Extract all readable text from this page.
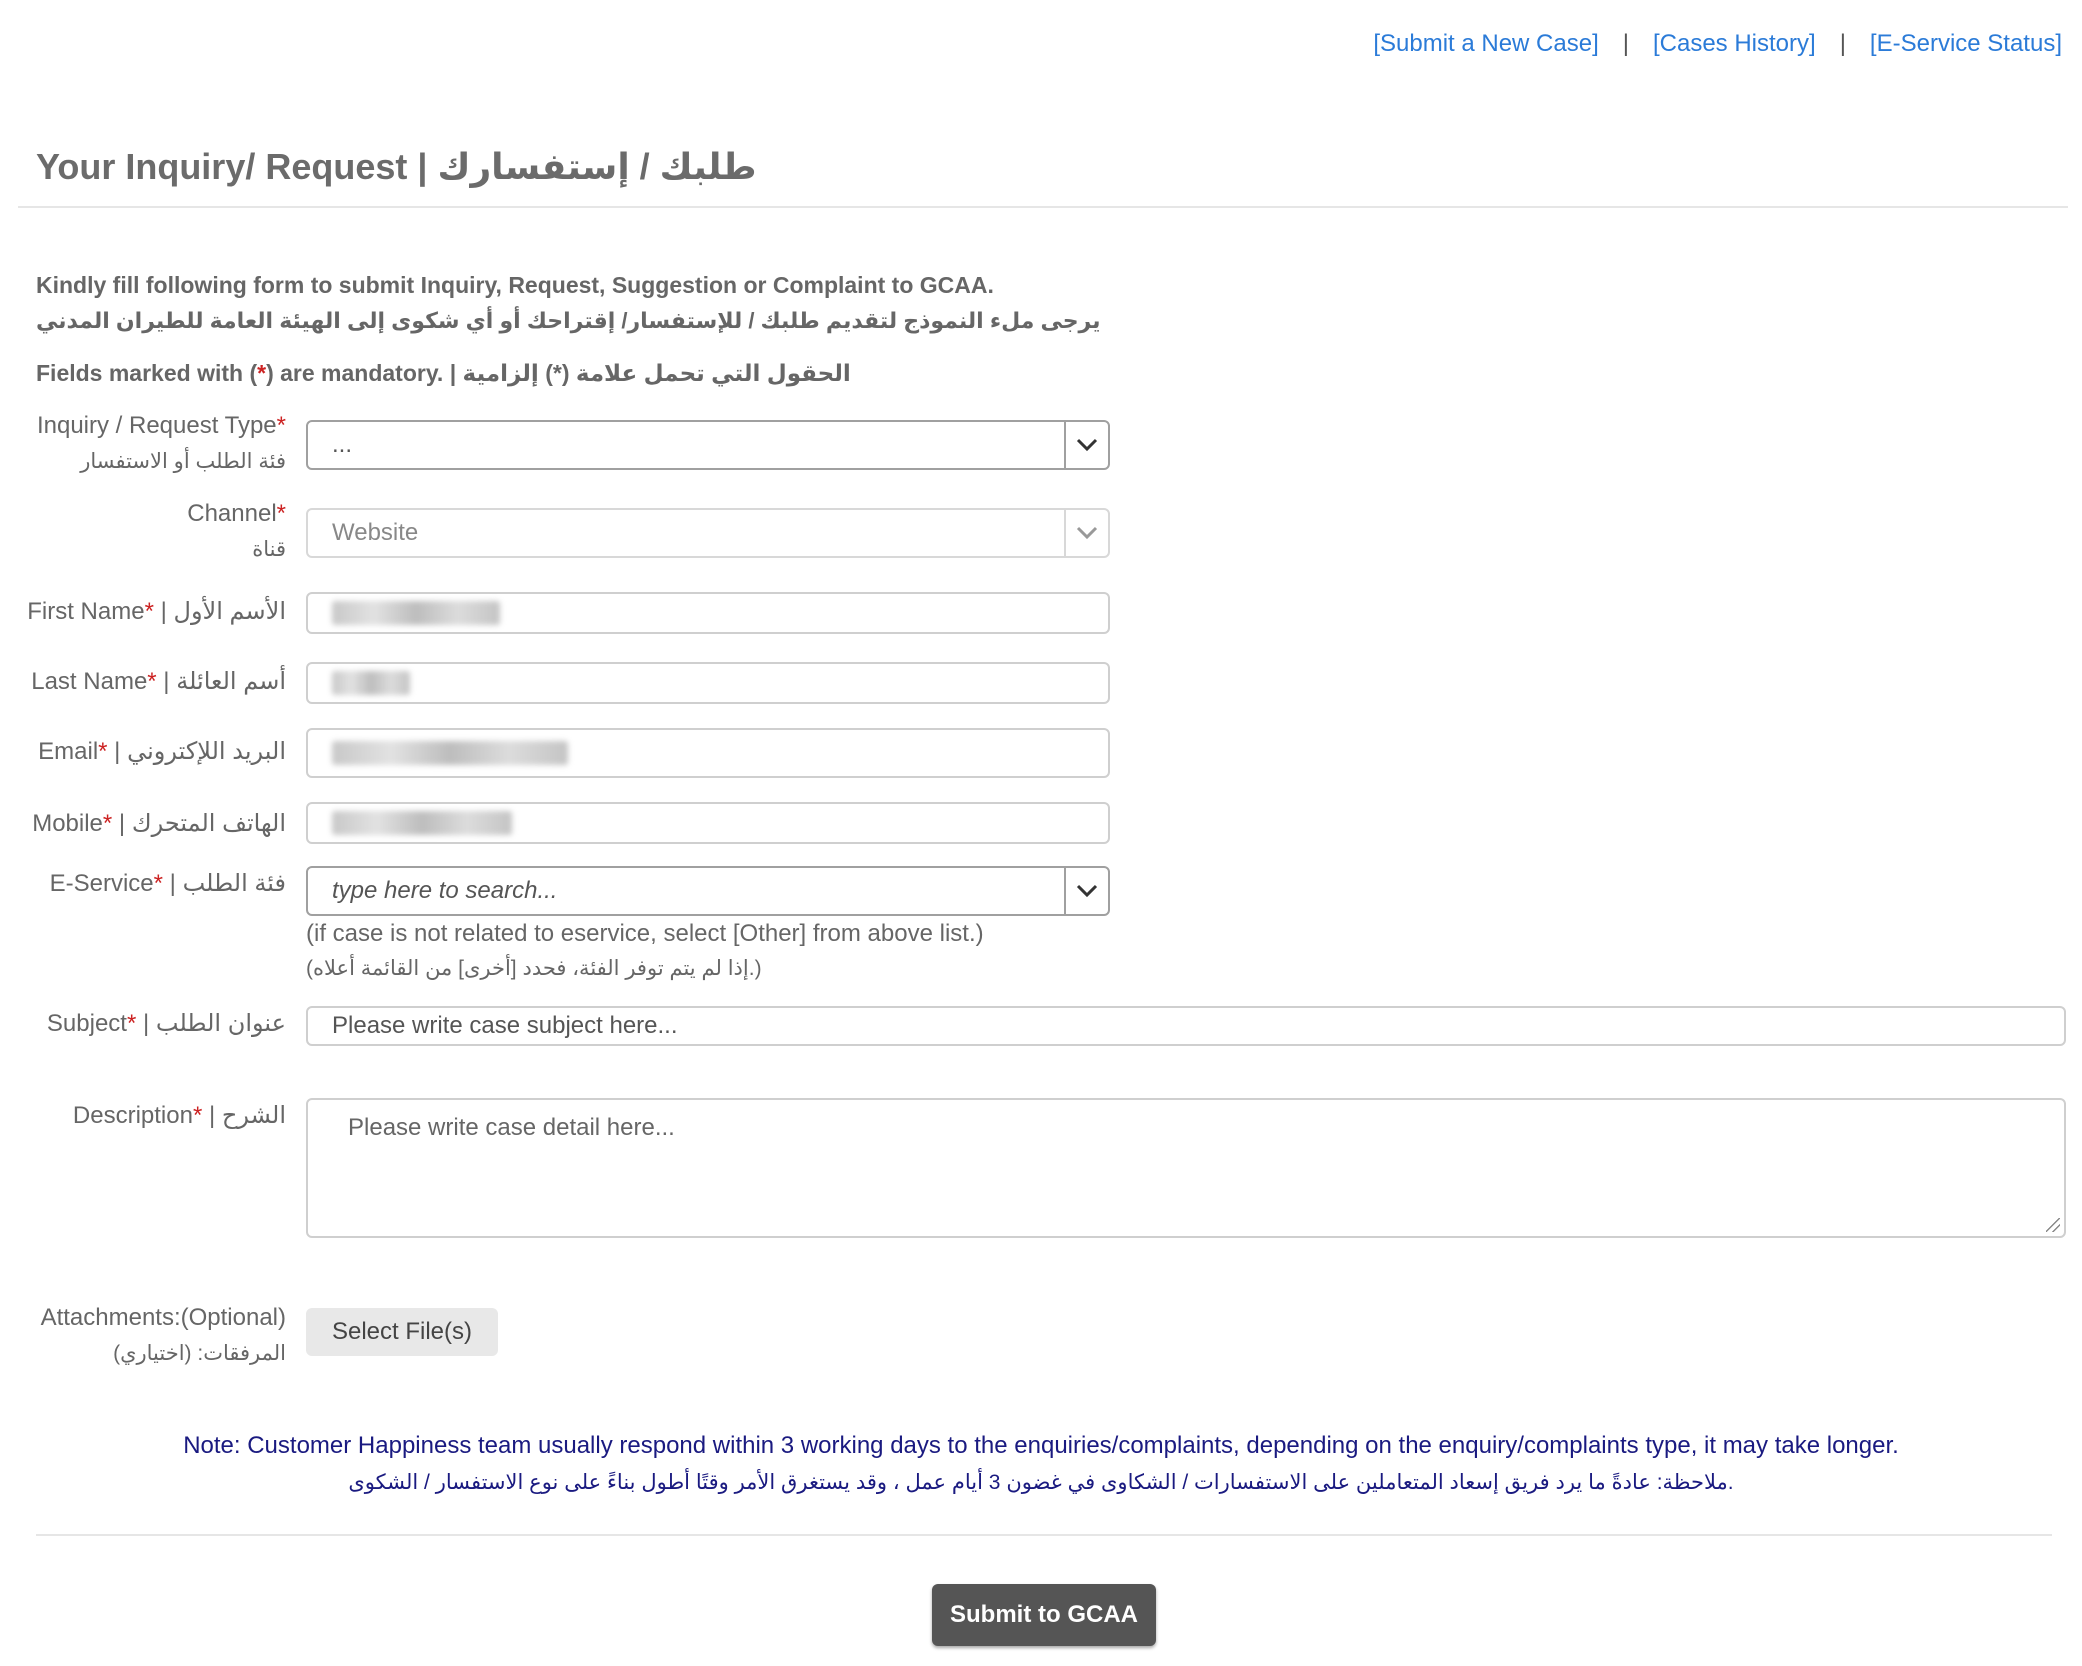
[Submit a New Case] | [Cases History] | [E-Service Status]
Your Inquiry/ Request | طلبك / إستفسارك
Kindly fill following form to submit Inquiry, Request, Suggestion or Complaint to GCAA.
يرجى ملء النموذج لتقديم طلبك / للإستفسار/ إقتراحك أو أي شكوى إلى الهيئة العامة للطيران المدني
Fields marked with (*) are mandatory. | الحقول التي تحمل علامة (*) إلزامية
Inquiry / Request Type*
فئة الطلب أو الاستفسار
...
Channel*
قناة
Website
First Name* | الأسم الأول
Last Name* | أسم العائلة
Email* | البريد اللإكتروني
Mobile* | الهاتف المتحرك
E-Service* | فئة الطلب type here to search...
(if case is not related to eservice, select [Other] from above list.)
(إذا لم يتم توفر الفئة، فحدد [أخرى] من القائمة أعلاه.)
Subject* | عنوان الطلب Please write case subject here...
Description* | الشرح	Please write case detail here...
Attachments:(Optional)
المرفقات: (اختياري)
Select File(s)
Note: Customer Happiness team usually respond within 3 working days to the enquiries/complaints, depending on the enquiry/complaints type, it may take longer.
ملاحظة: عادةً ما يرد فريق إسعاد المتعاملين على الاستفسارات / الشكاوى في غضون 3 أيام عمل ، وقد يستغرق الأمر وقتًا أطول بناءً على نوع الاستفسار / الشكوى.
Submit to GCAA
